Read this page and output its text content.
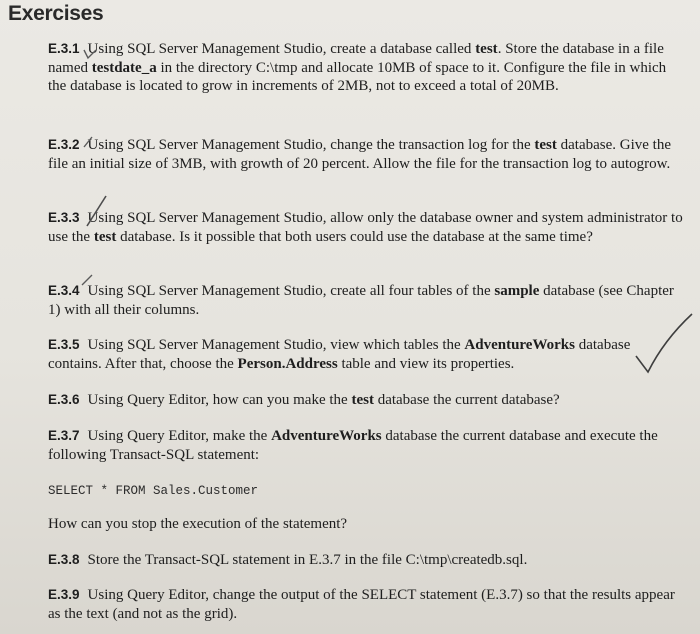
Exercises
E.3.1 Using SQL Server Management Studio, create a database called test. Store the database in a file named testdate_a in the directory C:\tmp and allocate 10MB of space to it. Configure the file in which the database is located to grow in increments of 2MB, not to exceed a total of 20MB.
E.3.2 Using SQL Server Management Studio, change the transaction log for the test database. Give the file an initial size of 3MB, with growth of 20 percent. Allow the file for the transaction log to autogrow.
E.3.3 Using SQL Server Management Studio, allow only the database owner and system administrator to use the test database. Is it possible that both users could use the database at the same time?
E.3.4 Using SQL Server Management Studio, create all four tables of the sample database (see Chapter 1) with all their columns.
E.3.5 Using SQL Server Management Studio, view which tables the AdventureWorks database contains. After that, choose the Person.Address table and view its properties.
E.3.6 Using Query Editor, how can you make the test database the current database?
E.3.7 Using Query Editor, make the AdventureWorks database the current database and execute the following Transact-SQL statement:
SELECT * FROM Sales.Customer
How can you stop the execution of the statement?
E.3.8 Store the Transact-SQL statement in E.3.7 in the file C:\tmp\createdb.sql.
E.3.9 Using Query Editor, change the output of the SELECT statement (E.3.7) so that the results appear as the text (and not as the grid).
